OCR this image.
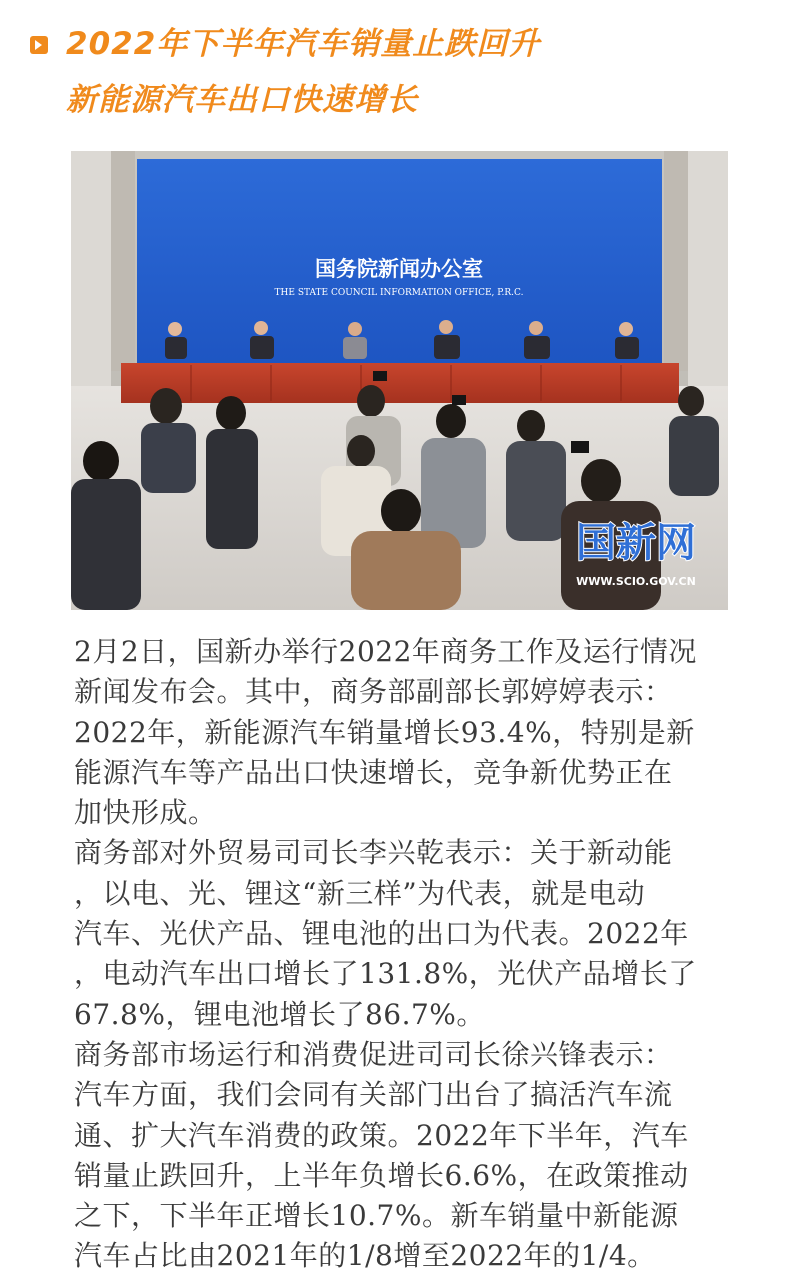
2022年下半年汽车销量止跌回升
新能源汽车出口快速增长
国务院新闻办公室
THE STATE COUNCIL INFORMATION OFFICE, P.R.C.
国新网
WWW.SCIO.GOV.CN

2月2日，国新办举行2022年商务工作及运行情况
新闻发布会。其中，商务部副部长郭婷婷表示：
2022年，新能源汽车销量增长93.4%，特别是新
能源汽车等产品出口快速增长，竞争新优势正在
加快形成。

商务部对外贸易司司长李兴乾表示：关于新动能
，以电、光、锂这“新三样”为代表，就是电动
汽车、光伏产品、锂电池的出口为代表。2022年
，电动汽车出口增长了131.8%，光伏产品增长了
67.8%，锂电池增长了86.7%。

商务部市场运行和消费促进司司长徐兴锋表示：
汽车方面，我们会同有关部门出台了搞活汽车流
通、扩大汽车消费的政策。2022年下半年，汽车
销量止跌回升，上半年负增长6.6%，在政策推动
之下，下半年正增长10.7%。新车销量中新能源
汽车占比由2021年的1/8增至2022年的1/4。
